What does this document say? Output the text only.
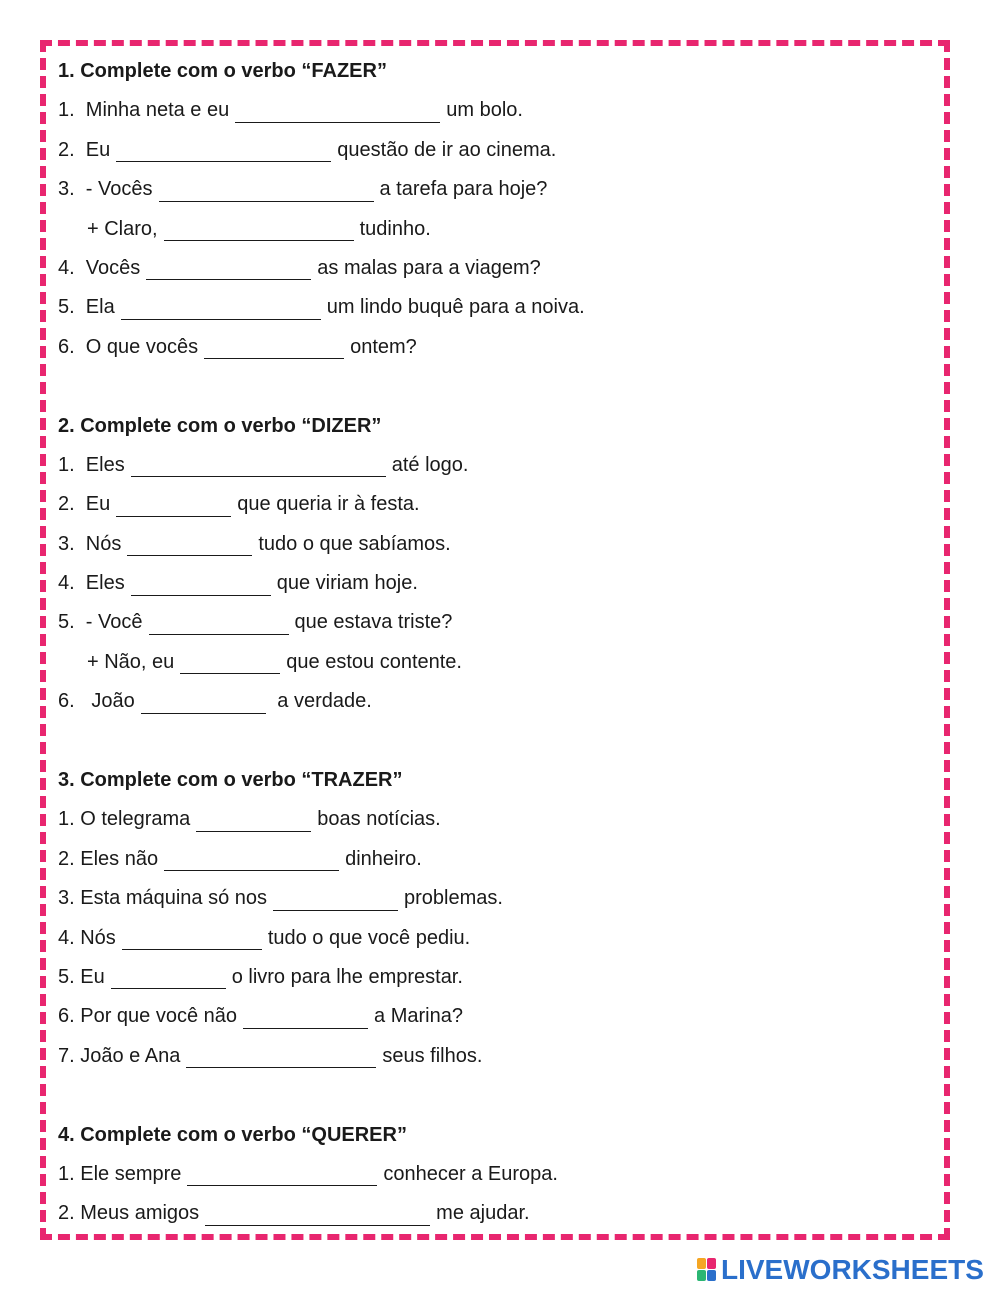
1. Complete com o verbo “FAZER”
1.  Minha neta e eu	um bolo.
2.  Eu	questão de ir ao cinema.
3.  - Vocês	a tarefa para hoje?
+ Claro,	tudinho.
4.  Vocês	as malas para a viagem?
5.  Ela	um lindo buquê para a noiva.
6.  O que vocês	ontem?
2. Complete com o verbo “DIZER”
1.  Eles	até logo.
2.  Eu	que queria ir à festa.
3.  Nós	tudo o que sabíamos.
4.  Eles	que viriam hoje.
5.  - Você	que estava triste?
+ Não, eu	que estou contente.
6.   João	a verdade.
3. Complete com o verbo “TRAZER”
1. O telegrama	boas notícias.
2. Eles não	dinheiro.
3. Esta máquina só nos	problemas.
4. Nós	tudo o que você pediu.
5. Eu	o livro para lhe emprestar.
6. Por que você não	a Marina?
7. João e Ana	seus filhos.
4. Complete com o verbo “QUERER”
1. Ele sempre	conhecer a Europa.
2. Meus amigos	me ajudar.
LIVEWORKSHEETS
